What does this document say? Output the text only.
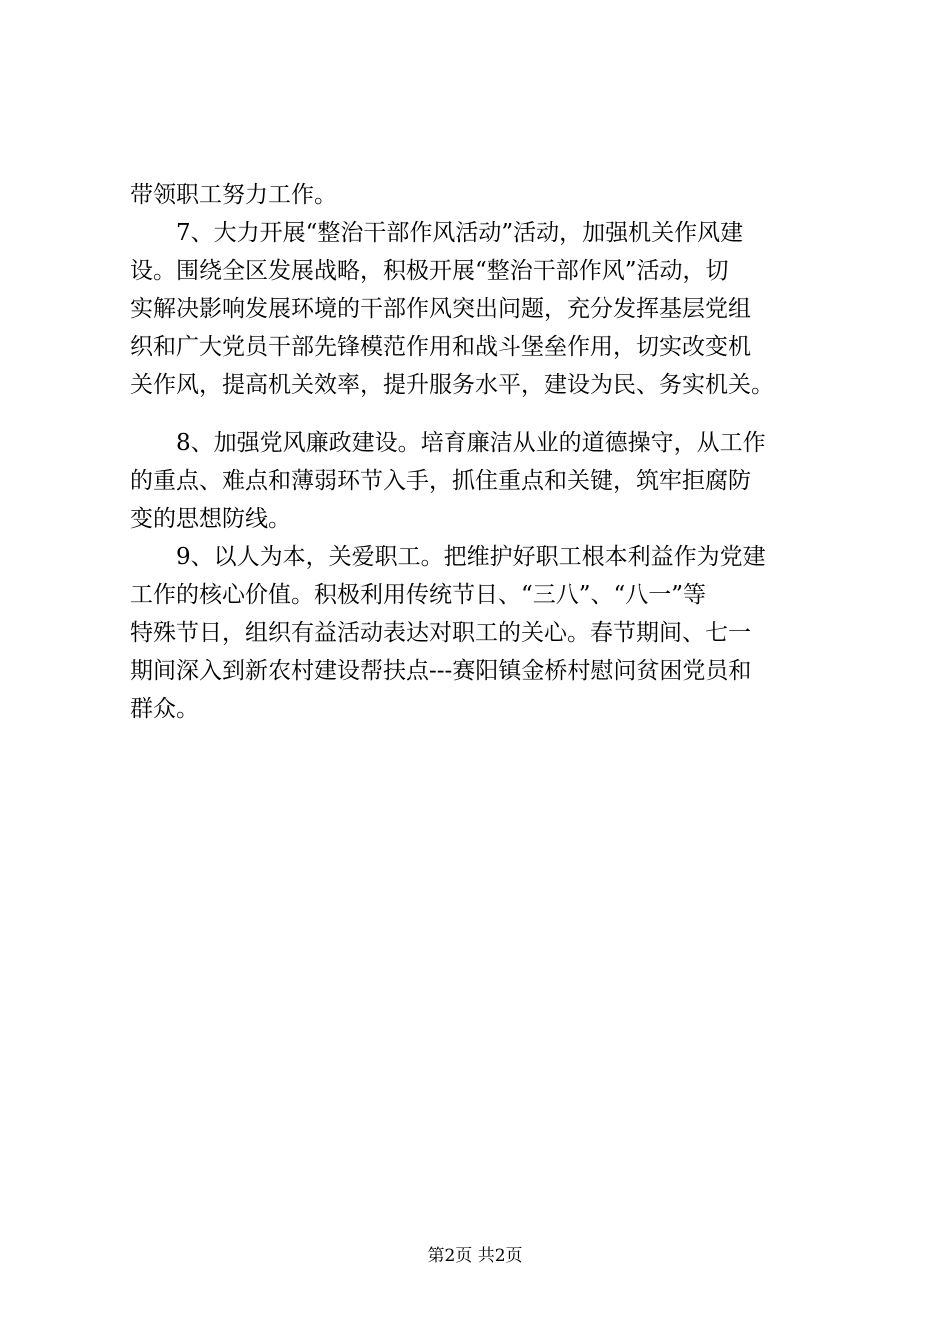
带领职工努力工作。
7、大力开展“整治干部作风活动”活动，加强机关作风建
设。围绕全区发展战略，积极开展“整治干部作风”活动，切
实解决影响发展环境的干部作风突出问题，充分发挥基层党组
织和广大党员干部先锋模范作用和战斗堡垒作用，切实改变机
关作风，提高机关效率，提升服务水平，建设为民、务实机关。
8、加强党风廉政建设。培育廉洁从业的道德操守，从工作
的重点、难点和薄弱环节入手，抓住重点和关键，筑牢拒腐防
变的思想防线。
9、以人为本，关爱职工。把维护好职工根本利益作为党建
工作的核心价值。积极利用传统节日、“三八”、“八一”等
特殊节日，组织有益活动表达对职工的关心。春节期间、七一
期间深入到新农村建设帮扶点---赛阳镇金桥村慰问贫困党员和
群众。
第2页 共2页
